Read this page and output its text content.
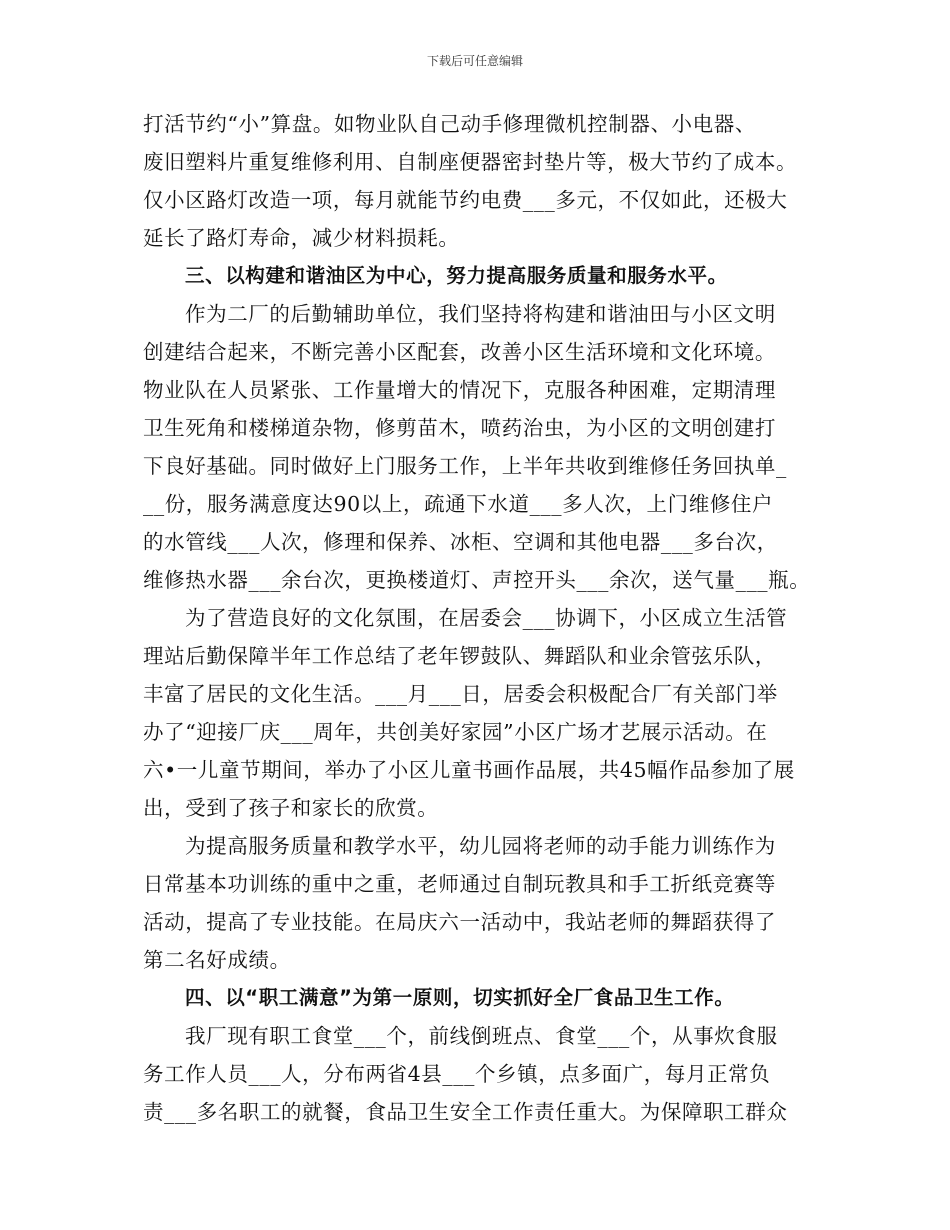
下载后可任意编辑
打活节约“小”算盘。如物业队自己动手修理微机控制器、小电器、
废旧塑料片重复维修利用、自制座便器密封垫片等，极大节约了成本。
仅小区路灯改造一项，每月就能节约电费___多元，不仅如此，还极大
延长了路灯寿命，减少材料损耗。
三、以构建和谐油区为中心，努力提高服务质量和服务水平。
作为二厂的后勤辅助单位，我们坚持将构建和谐油田与小区文明
创建结合起来，不断完善小区配套，改善小区生活环境和文化环境。
物业队在人员紧张、工作量增大的情况下，克服各种困难，定期清理
卫生死角和楼梯道杂物，修剪苗木，喷药治虫，为小区的文明创建打
下良好基础。同时做好上门服务工作，上半年共收到维修任务回执单_
__份，服务满意度达90以上，疏通下水道___多人次，上门维修住户
的水管线___人次，修理和保养、冰柜、空调和其他电器___多台次，
维修热水器___余台次，更换楼道灯、声控开头___余次，送气量___瓶。
为了营造良好的文化氛围，在居委会___协调下，小区成立生活管
理站后勤保障半年工作总结了老年锣鼓队、舞蹈队和业余管弦乐队，
丰富了居民的文化生活。___月___日，居委会积极配合厂有关部门举
办了“迎接厂庆___周年，共创美好家园”小区广场才艺展示活动。在
六•一儿童节期间，举办了小区儿童书画作品展，共45幅作品参加了展
出，受到了孩子和家长的欣赏。
为提高服务质量和教学水平，幼儿园将老师的动手能力训练作为
日常基本功训练的重中之重，老师通过自制玩教具和手工折纸竞赛等
活动，提高了专业技能。在局庆六一活动中，我站老师的舞蹈获得了
第二名好成绩。
四、以“职工满意”为第一原则，切实抓好全厂食品卫生工作。
我厂现有职工食堂___个，前线倒班点、食堂___个，从事炊食服
务工作人员___人，分布两省4县___个乡镇，点多面广，每月正常负
责___多名职工的就餐，食品卫生安全工作责任重大。为保障职工群众
